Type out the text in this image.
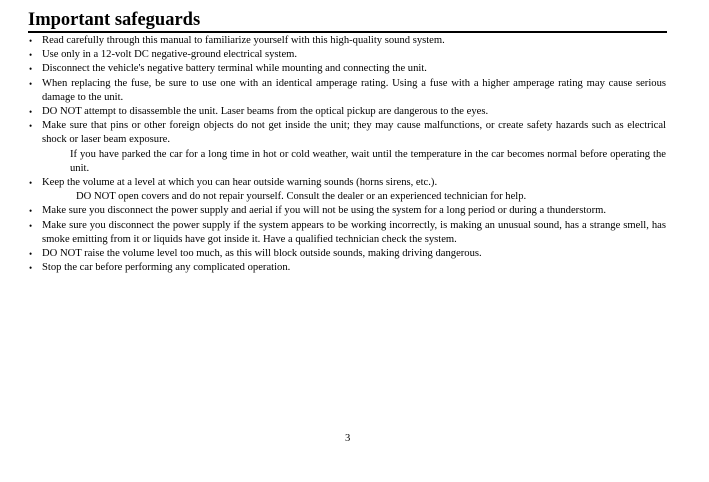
Important safeguards
• Read carefully through this manual to familiarize yourself with this high-quality sound system.
• Use only in a 12-volt DC negative-ground electrical system.
• Disconnect the vehicle's negative battery terminal while mounting and connecting the unit.
• When replacing the fuse, be sure to use one with an identical amperage rating. Using a fuse with a higher amperage rating may cause serious damage to the unit.
• DO NOT attempt to disassemble the unit. Laser beams from the optical pickup are dangerous to the eyes.
• Make sure that pins or other foreign objects do not get inside the unit; they may cause malfunctions, or create safety hazards such as electrical shock or laser beam exposure.
If you have parked the car for a long time in hot or cold weather, wait until the temperature in the car becomes normal before operating the unit.
• Keep the volume at a level at which you can hear outside warning sounds (horns sirens, etc.).
DO NOT open covers and do not repair yourself. Consult the dealer or an experienced technician for help.
• Make sure you disconnect the power supply and aerial if you will not be using the system for a long period or during a thunderstorm.
• Make sure you disconnect the power supply if the system appears to be working incorrectly, is making an unusual sound, has a strange smell, has smoke emitting from it or liquids have got inside it. Have a qualified technician check the system.
• DO NOT raise the volume level too much, as this will block outside sounds, making driving dangerous.
• Stop the car before performing any complicated operation.
3
